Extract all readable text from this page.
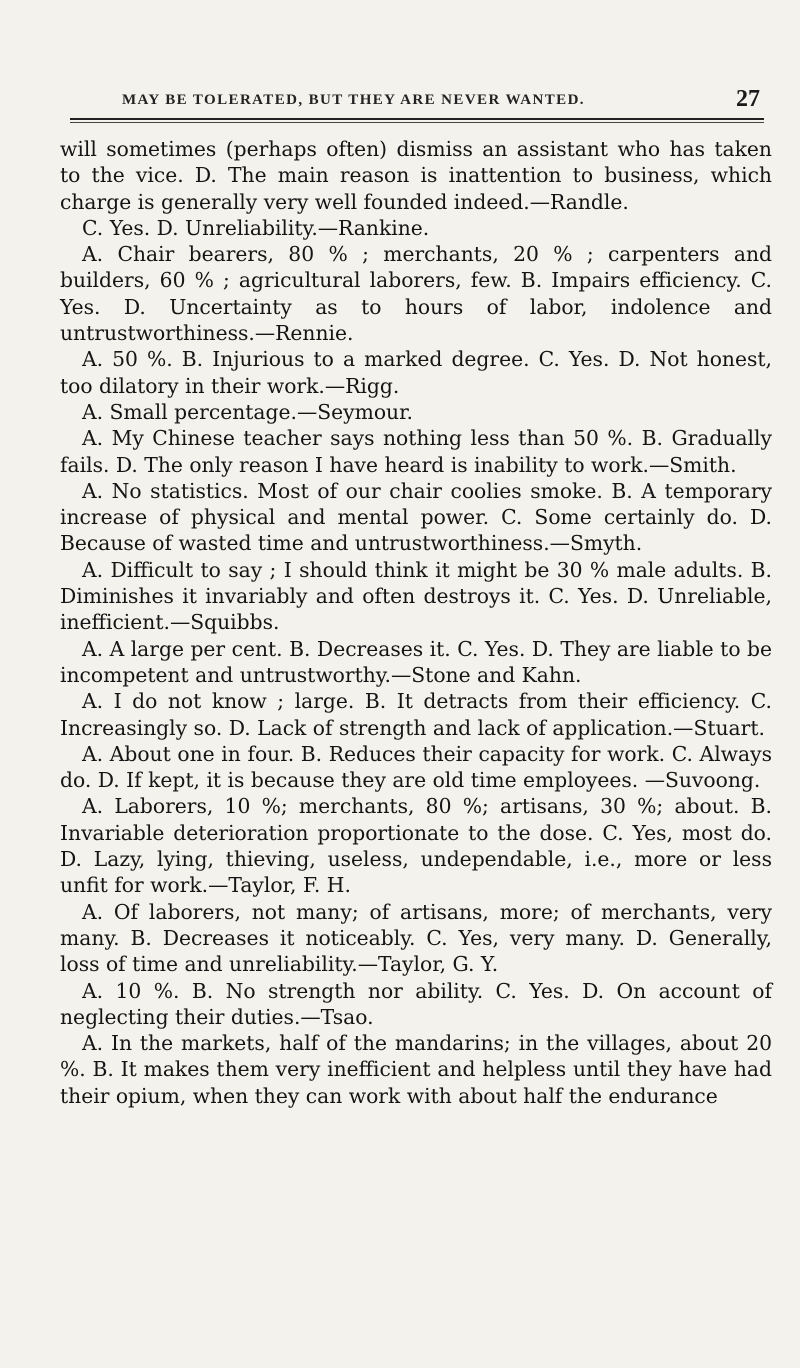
MAY BE TOLERATED, BUT THEY ARE NEVER WANTED.	27

will sometimes (perhaps often) dismiss an assistant who has taken to the vice. D. The main reason is inattention to business, which charge is generally very well founded indeed.—Randle.

C. Yes. D. Unreliability.—Rankine.

A. Chair bearers, 80 % ; merchants, 20 % ; carpenters and builders, 60 % ; agricultural laborers, few. B. Impairs efficiency. C. Yes. D. Uncertainty as to hours of labor, indolence and untrustworthiness.—Rennie.

A. 50 %. B. Injurious to a marked degree. C. Yes. D. Not honest, too dilatory in their work.—Rigg.

A. Small percentage.—Seymour.

A. My Chinese teacher says nothing less than 50 %. B. Gradually fails. D. The only reason I have heard is inability to work.—Smith.

A. No statistics. Most of our chair coolies smoke. B. A temporary increase of physical and mental power. C. Some certainly do. D. Because of wasted time and untrustworthiness.—Smyth.

A. Difficult to say ; I should think it might be 30 % male adults. B. Diminishes it invariably and often destroys it. C. Yes. D. Unreliable, inefficient.—Squibbs.

A. A large per cent. B. Decreases it. C. Yes. D. They are liable to be incompetent and untrustworthy.—Stone and Kahn.

A. I do not know ; large. B. It detracts from their efficiency. C. Increasingly so. D. Lack of strength and lack of application.—Stuart.

A. About one in four. B. Reduces their capacity for work. C. Always do. D. If kept, it is because they are old time employees. —Suvoong.

A. Laborers, 10 %; merchants, 80 %; artisans, 30 %; about. B. Invariable deterioration proportionate to the dose. C. Yes, most do. D. Lazy, lying, thieving, useless, undependable, i.e., more or less unfit for work.—Taylor, F. H.

A. Of laborers, not many; of artisans, more; of merchants, very many. B. Decreases it noticeably. C. Yes, very many. D. Generally, loss of time and unreliability.—Taylor, G. Y.

A. 10 %. B. No strength nor ability. C. Yes. D. On account of neglecting their duties.—Tsao.

A. In the markets, half of the mandarins; in the villages, about 20 %. B. It makes them very inefficient and helpless until they have had their opium, when they can work with about half the endurance
